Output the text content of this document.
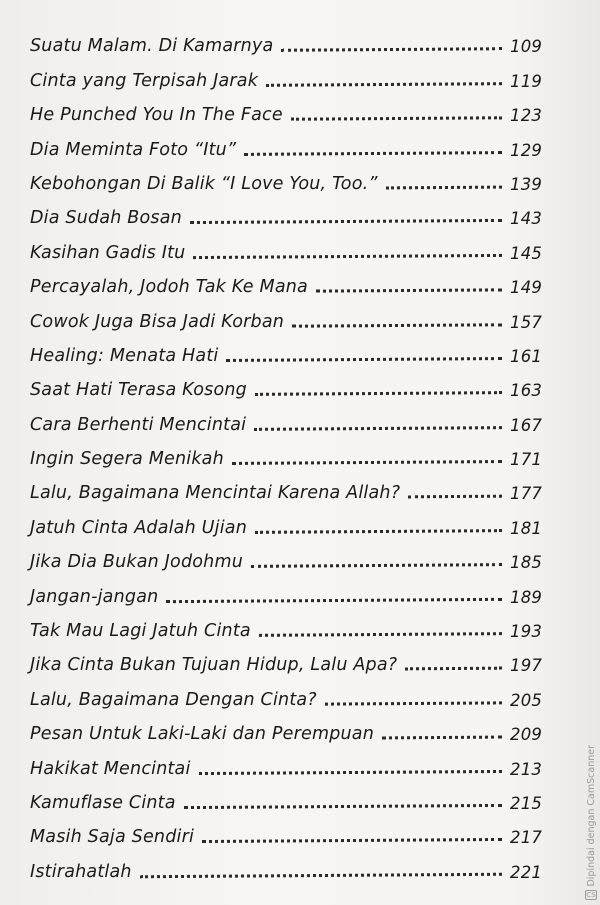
Suatu Malam. Di Kamarnya	109
Cinta yang Terpisah Jarak	119
He Punched You In The Face	123
Dia Meminta Foto “Itu”	129
Kebohongan Di Balik “I Love You, Too.”	139
Dia Sudah Bosan	143
Kasihan Gadis Itu	145
Percayalah, Jodoh Tak Ke Mana	149
Cowok Juga Bisa Jadi Korban	157
Healing: Menata Hati	161
Saat Hati Terasa Kosong	163
Cara Berhenti Mencintai	167
Ingin Segera Menikah	171
Lalu, Bagaimana Mencintai Karena Allah?	177
Jatuh Cinta Adalah Ujian	181
Jika Dia Bukan Jodohmu	185
Jangan-jangan	189
Tak Mau Lagi Jatuh Cinta	193
Jika Cinta Bukan Tujuan Hidup, Lalu Apa?	197
Lalu, Bagaimana Dengan Cinta?	205
Pesan Untuk Laki-Laki dan Perempuan	209
Hakikat Mencintai	213
Kamuflase Cinta	215
Masih Saja Sendiri	217
Istirahatlah	221	Dipindai dengan CamScanner
CS
